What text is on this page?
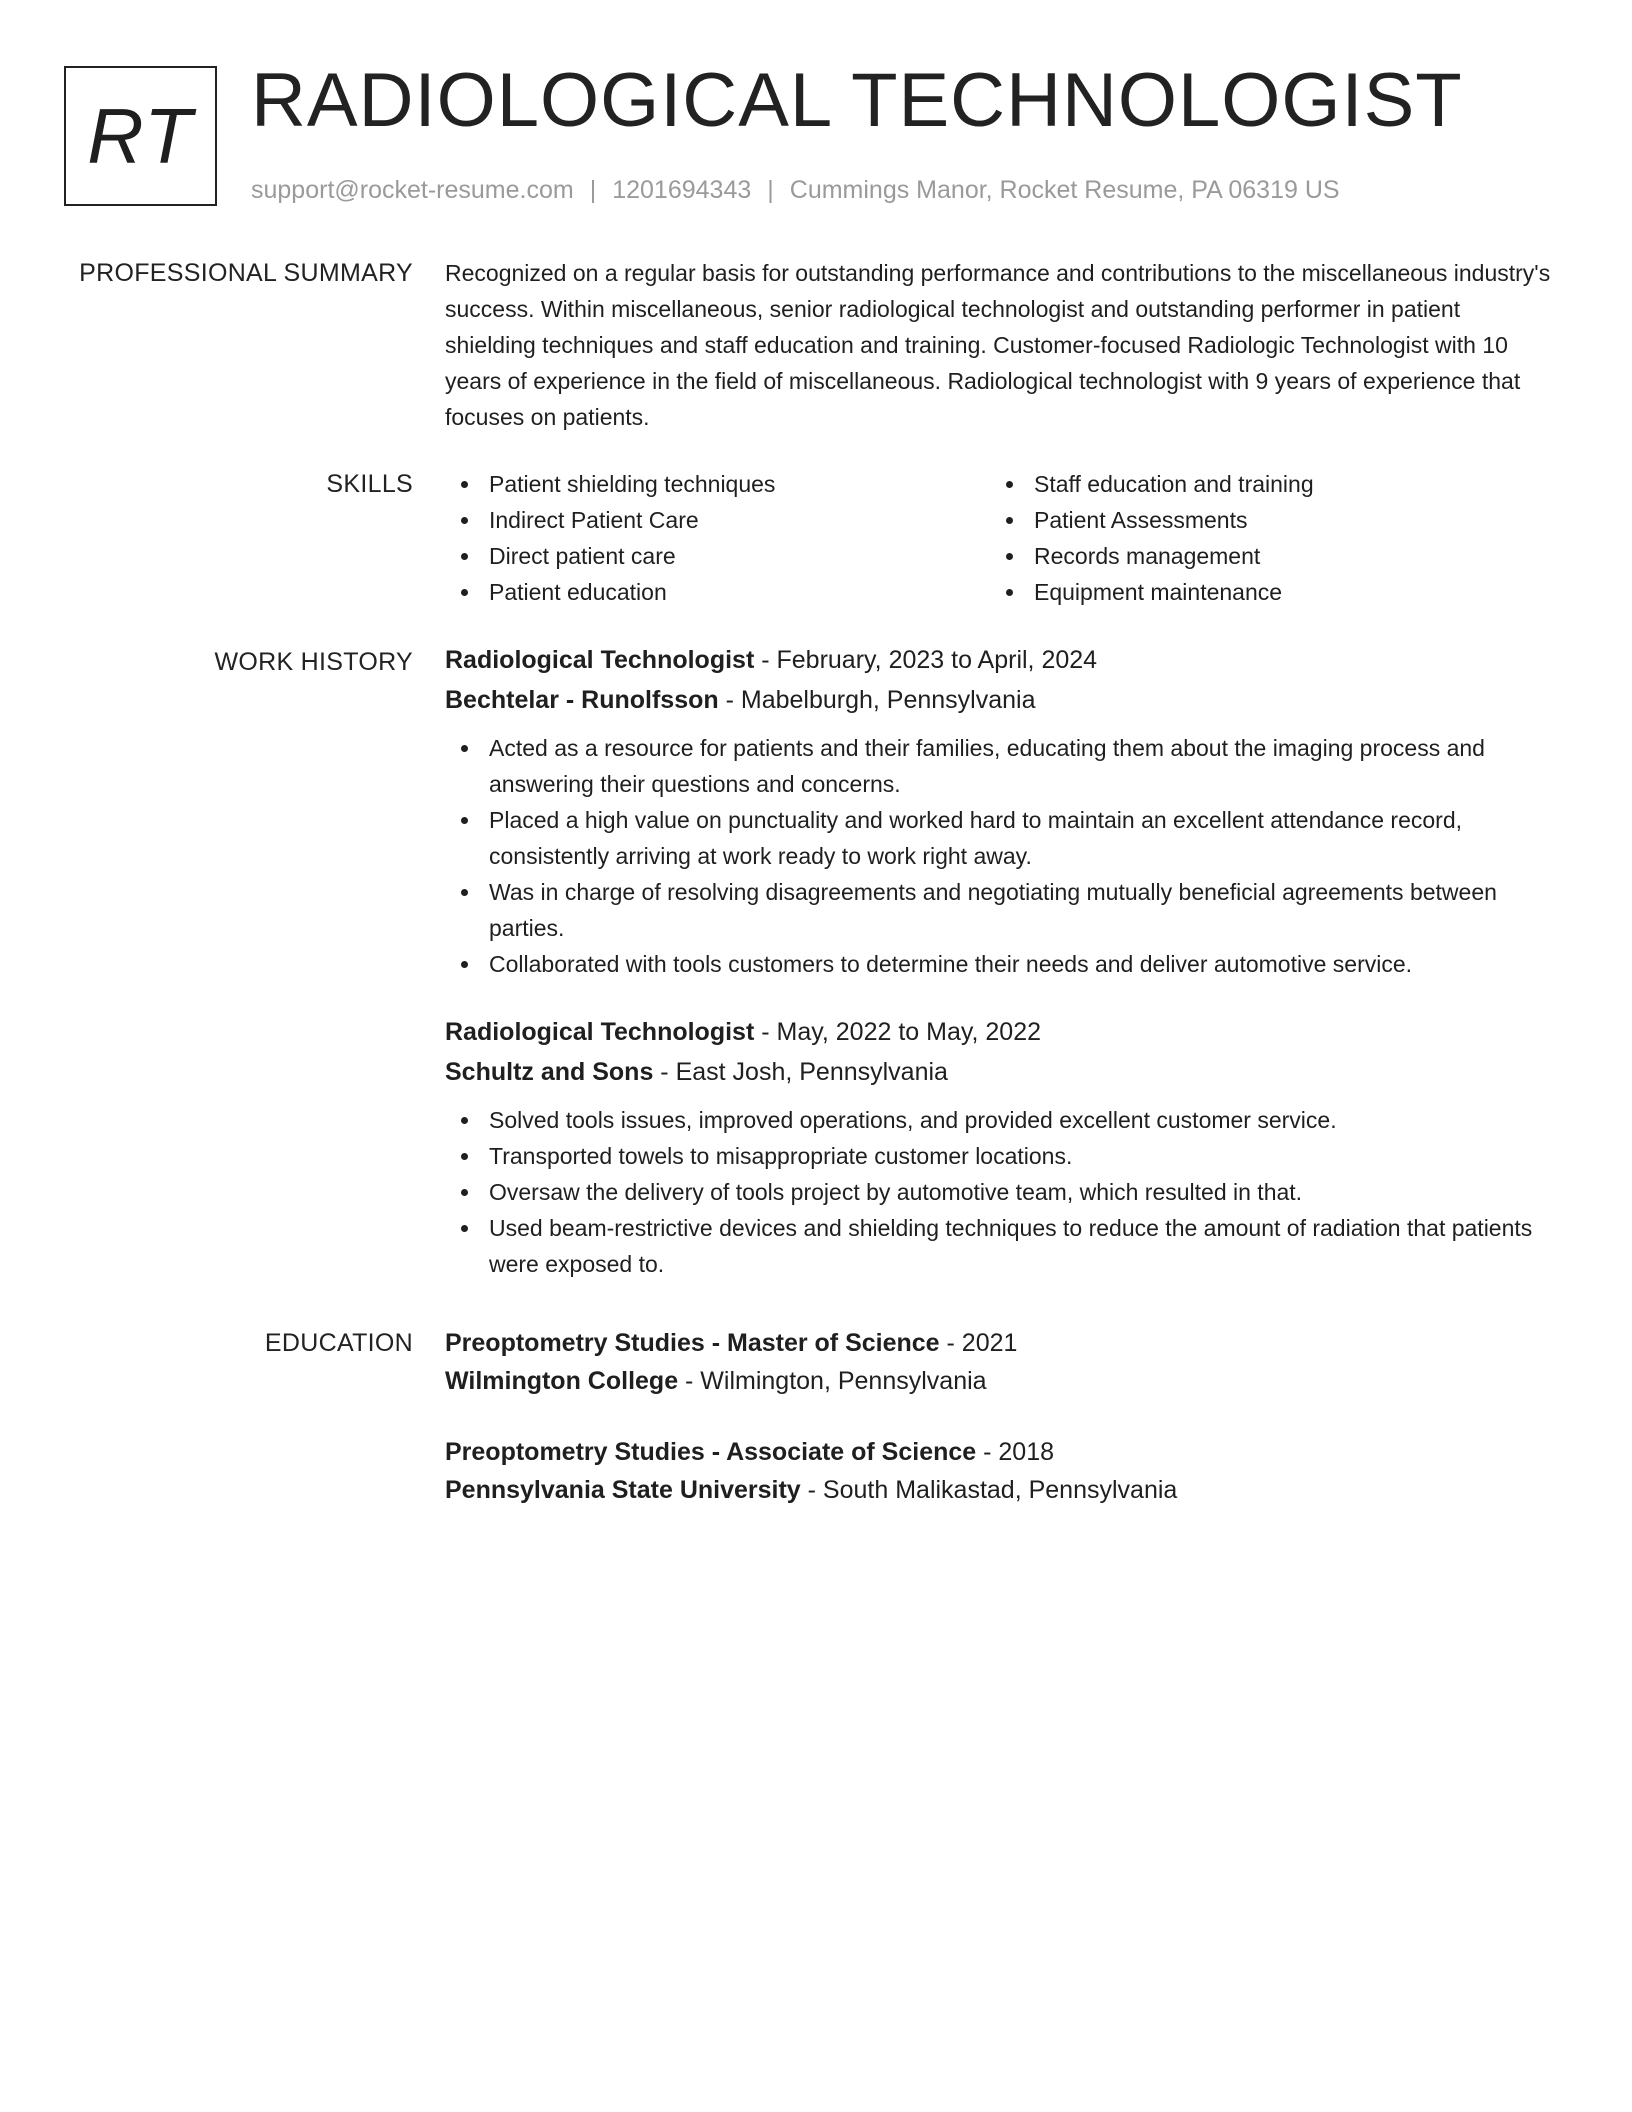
RT RADIOLOGICAL TECHNOLOGIST
support@rocket-resume.com | 1201694343 | Cummings Manor, Rocket Resume, PA 06319 US
PROFESSIONAL SUMMARY Recognized on a regular basis for outstanding performance and contributions to the miscellaneous industry's success. Within miscellaneous, senior radiological technologist and outstanding performer in patient shielding techniques and staff education and training. Customer-focused Radiologic Technologist with 10 years of experience in the field of miscellaneous. Radiological technologist with 9 years of experience that focuses on patients.

SKILLS	Patient shielding techniques
Indirect Patient Care
Direct patient care
Patient education
Staff education and training
Patient Assessments
Records management
Equipment maintenance
WORK HISTORY Radiological Technologist - February, 2023 to April, 2024
Bechtelar - Runolfsson - Mabelburgh, Pennsylvania
Acted as a resource for patients and their families, educating them about the imaging process and answering their questions and concerns.
Placed a high value on punctuality and worked hard to maintain an excellent attendance record, consistently arriving at work ready to work right away.
Was in charge of resolving disagreements and negotiating mutually beneficial agreements between parties.
Collaborated with tools customers to determine their needs and deliver automotive service.
Radiological Technologist - May, 2022 to May, 2022
Schultz and Sons - East Josh, Pennsylvania
Solved tools issues, improved operations, and provided excellent customer service.
Transported towels to misappropriate customer locations.
Oversaw the delivery of tools project by automotive team, which resulted in that.
Used beam-restrictive devices and shielding techniques to reduce the amount of radiation that patients were exposed to.
EDUCATION Preoptometry Studies - Master of Science - 2021
Wilmington College - Wilmington, Pennsylvania
Preoptometry Studies - Associate of Science - 2018
Pennsylvania State University - South Malikastad, Pennsylvania
